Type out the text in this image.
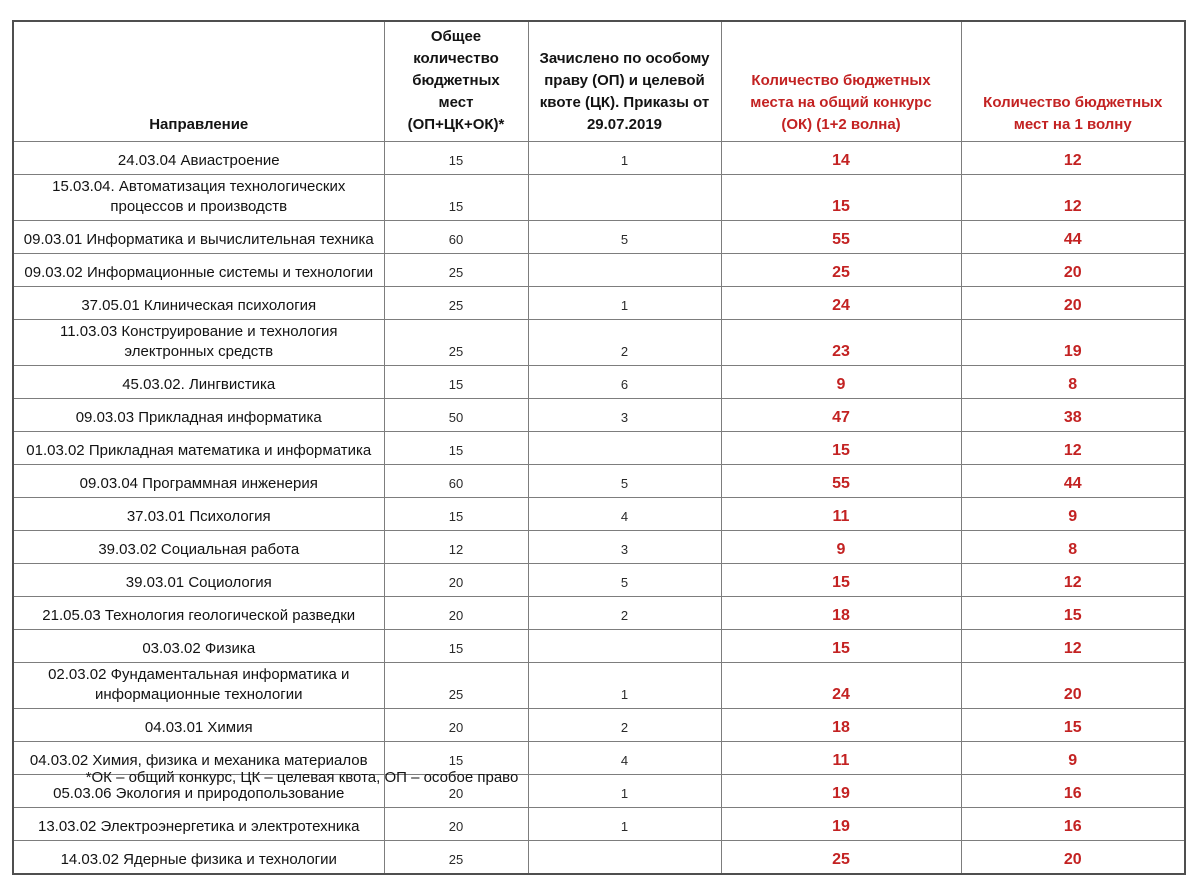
Направление	Общее количество бюджетных мест (ОП+ЦК+ОК)*	Зачислено по особому праву (ОП) и целевой квоте (ЦК). Приказы от 29.07.2019	Количество бюджетных места на общий конкурс (ОК) (1+2 волна)	Количество бюджетных мест на 1 волну
24.03.04 Авиастроение	15	1	14	12
15.03.04. Автоматизация технологических процессов и производств	15		15	12
09.03.01 Информатика и вычислительная техника	60	5	55	44
09.03.02 Информационные системы и технологии	25		25	20
37.05.01 Клиническая психология	25	1	24	20
11.03.03 Конструирование и технология электронных средств	25	2	23	19
45.03.02. Лингвистика	15	6	9	8
09.03.03 Прикладная информатика	50	3	47	38
01.03.02 Прикладная математика и информатика	15		15	12
09.03.04 Программная инженерия	60	5	55	44
37.03.01 Психология	15	4	11	9
39.03.02 Социальная работа	12	3	9	8
39.03.01 Социология	20	5	15	12
21.05.03 Технология геологической разведки	20	2	18	15
03.03.02 Физика	15		15	12
02.03.02 Фундаментальная информатика и информационные технологии	25	1	24	20
04.03.01 Химия	20	2	18	15
04.03.02 Химия, физика и механика материалов	15	4	11	9
05.03.06 Экология и природопользование	20	1	19	16
13.03.02 Электроэнергетика и электротехника	20	1	19	16
14.03.02 Ядерные физика и технологии	25		25	20
*ОК – общий конкурс, ЦК – целевая квота, ОП – особое право
